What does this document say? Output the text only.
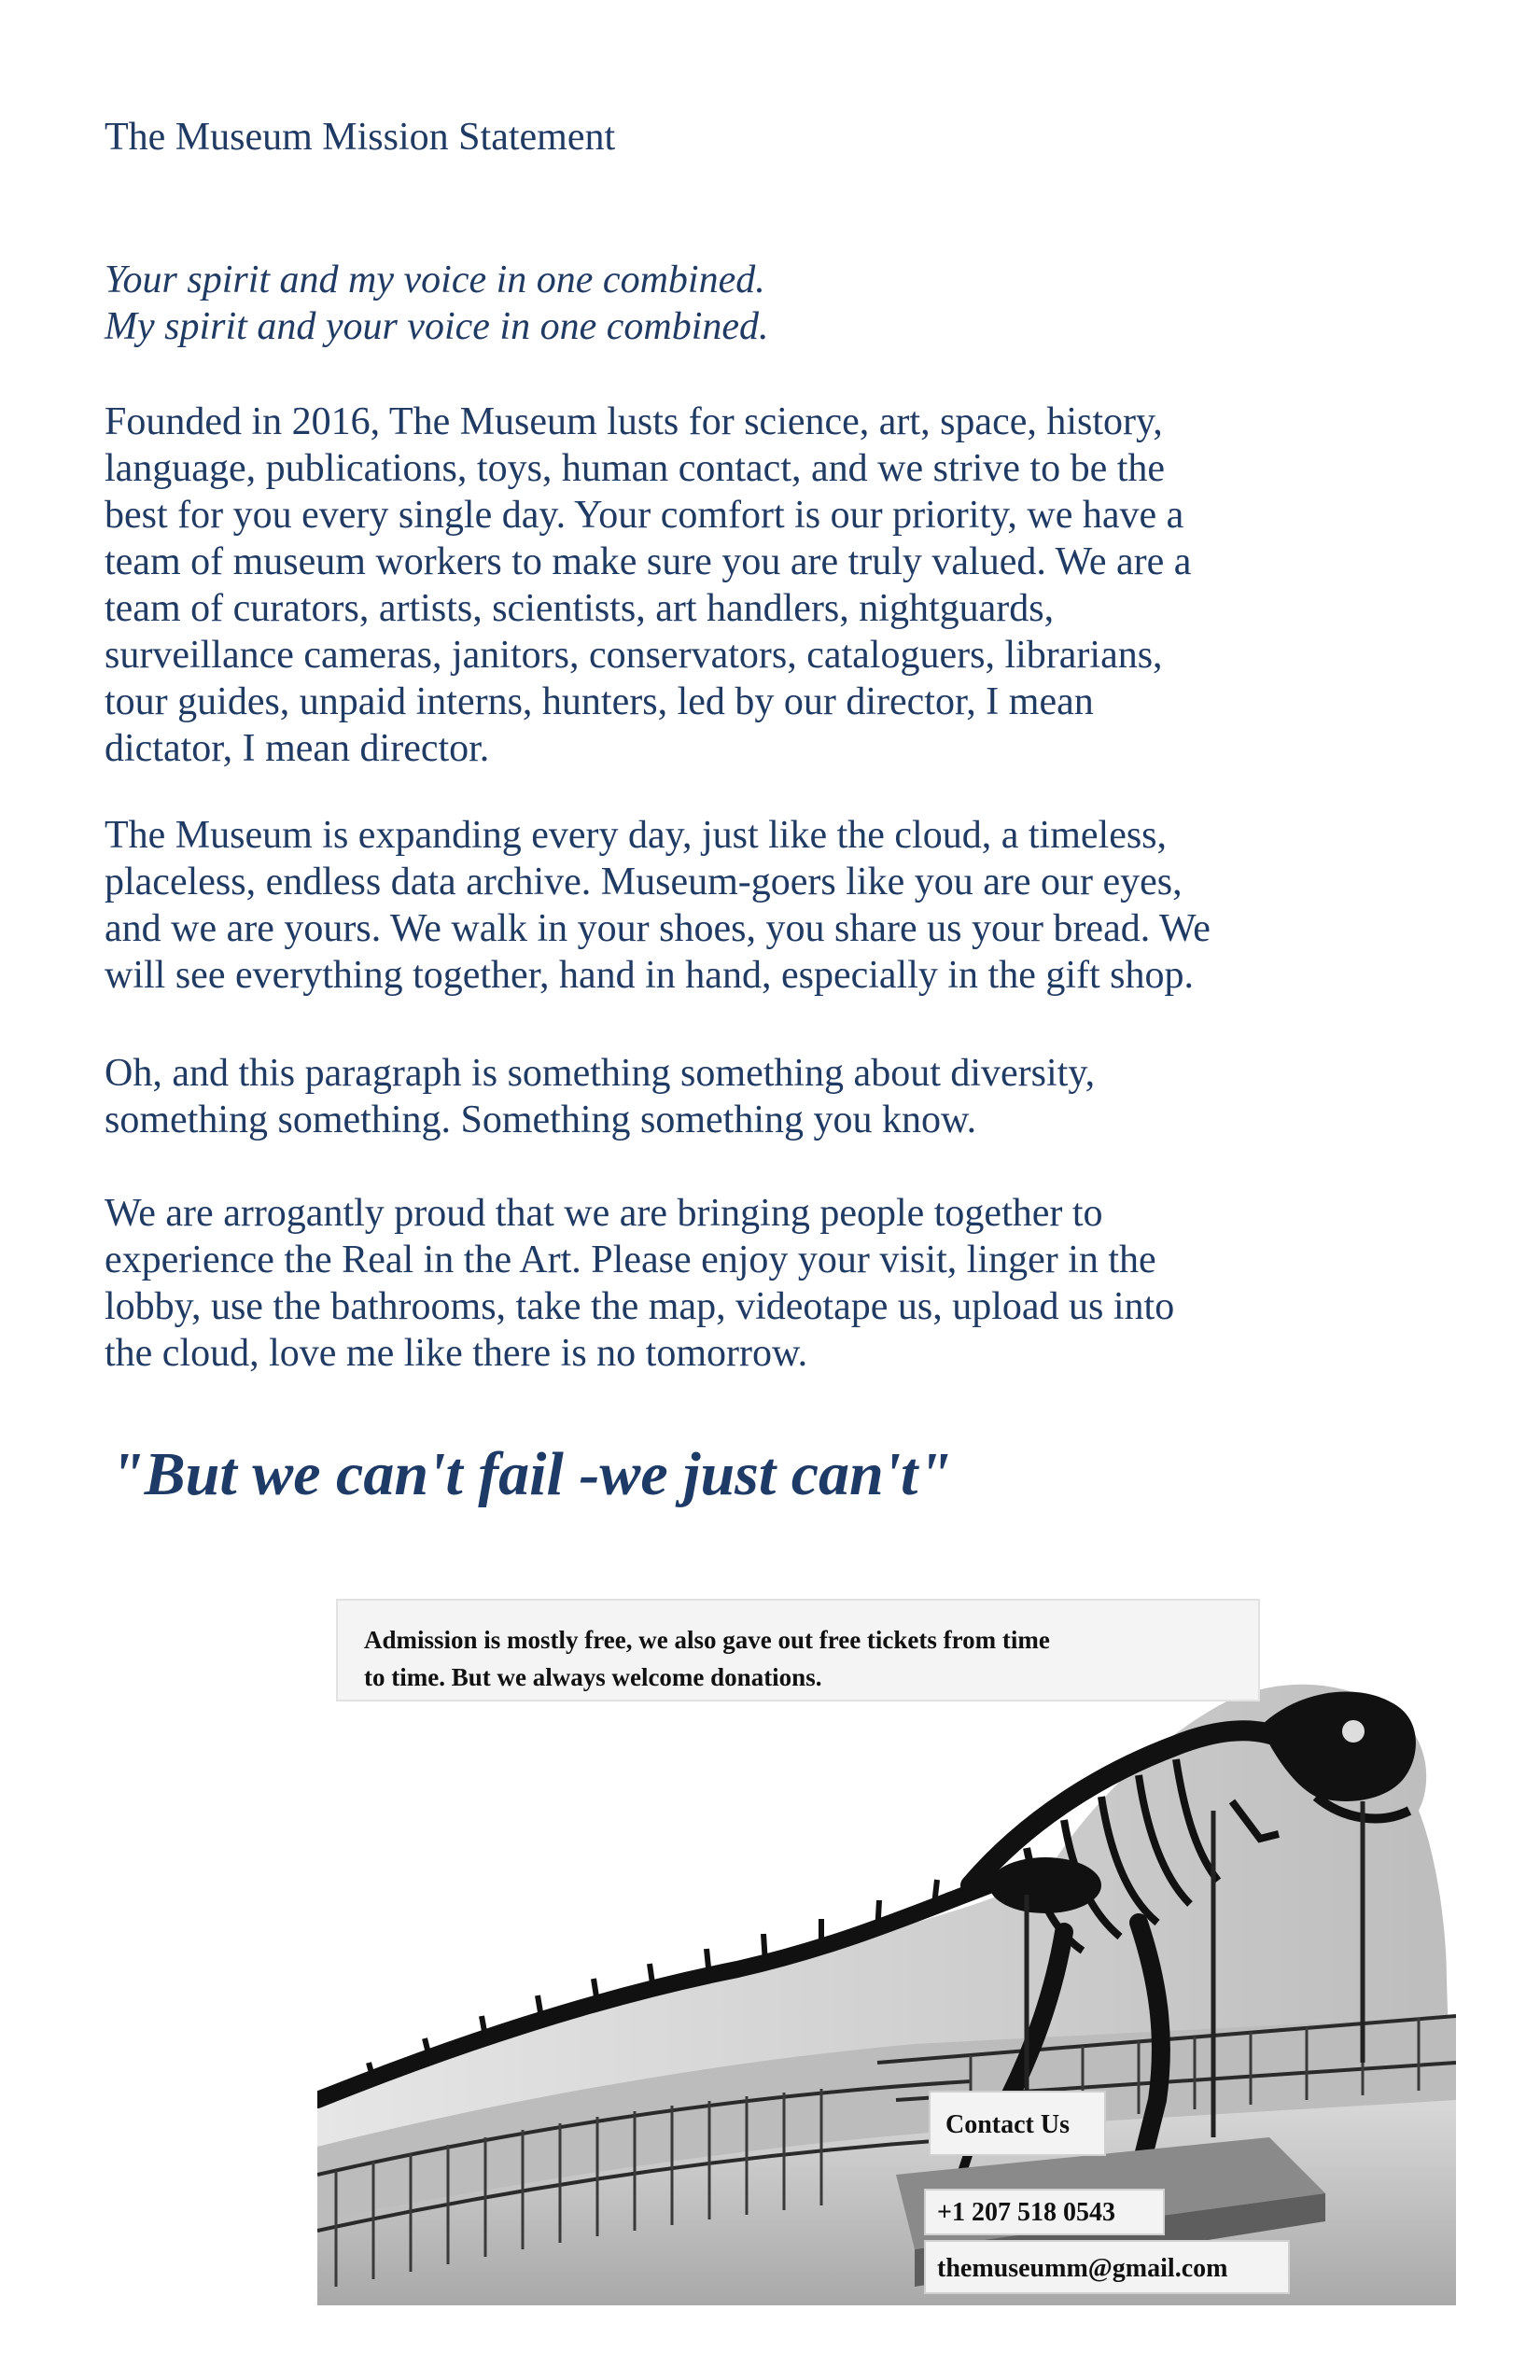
The Museum Mission Statement
Your spirit and my voice in one combined.
My spirit and your voice in one combined.
Founded in 2016, The Museum lusts for science, art, space, history,
language, publications, toys, human contact, and we strive to be the
best for you every single day. Your comfort is our priority, we have a
team of museum workers to make sure you are truly valued. We are a
team of curators, artists, scientists, art handlers, nightguards,
surveillance cameras, janitors, conservators, cataloguers, librarians,
tour guides, unpaid interns, hunters, led by our director, I mean
dictator, I mean director.
The Museum is expanding every day, just like the cloud, a timeless,
placeless, endless data archive. Museum-goers like you are our eyes,
and we are yours. We walk in your shoes, you share us your bread. We
will see everything together, hand in hand, especially in the gift shop.
Oh, and this paragraph is something something about diversity,
something something. Something something you know.
We are arrogantly proud that we are bringing people together to
experience the Real in the Art. Please enjoy your visit, linger in the
lobby, use the bathrooms, take the map, videotape us, upload us into
the cloud, love me like there is no tomorrow.
"But we can't fail -we just can't"
Admission is mostly free, we also gave out free tickets from time
to time. But we always welcome donations.
Contact Us
+1 207 518 0543
themuseumm@gmail.com
